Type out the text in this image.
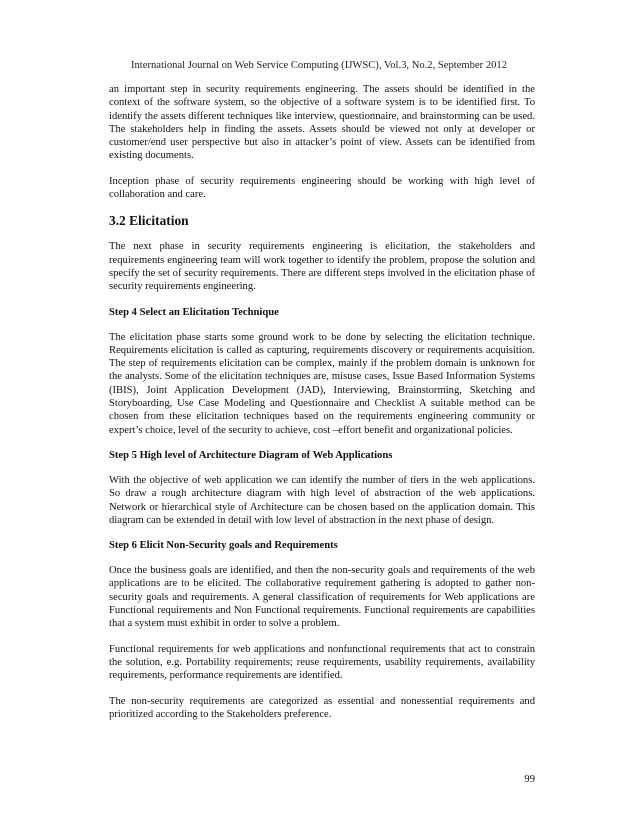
International Journal on Web Service Computing (IJWSC), Vol.3, No.2, September 2012

an important step in security requirements engineering. The assets should be identified in the context of the software system, so the objective of a software system is to be identified first. To identify the assets different techniques like interview, questionnaire, and brainstorming can be used. The stakeholders help in finding the assets. Assets should be viewed not only at developer or customer/end user perspective but also in attacker’s point of view. Assets can be identified from existing documents.

Inception phase of security requirements engineering should be working with high level of collaboration and care.

3.2 Elicitation

The next phase in security requirements engineering is elicitation, the stakeholders and requirements engineering team will work together to identify the problem, propose the solution and specify the set of security requirements. There are different steps involved in the elicitation phase of security requirements engineering.

Step 4 Select an Elicitation Technique

The elicitation phase starts some ground work to be done by selecting the elicitation technique. Requirements elicitation is called as capturing, requirements discovery or requirements acquisition. The step of requirements elicitation can be complex, mainly if the problem domain is unknown for the analysts. Some of the elicitation techniques are, misuse cases, Issue Based Information Systems (IBIS), Joint Application Development (JAD), Interviewing, Brainstorming, Sketching and Storyboarding, Use Case Modeling and Questionnaire and Checklist A suitable method can be chosen from these elicitation techniques based on the requirements engineering community or expert’s choice, level of the security to achieve, cost –effort benefit and organizational policies.

Step 5 High level of Architecture Diagram of Web Applications

With the objective of web application we can identify the number of tiers in the web applications. So draw a rough architecture diagram with high level of abstraction of the web applications. Network or hierarchical style of Architecture can be chosen based on the application domain. This diagram can be extended in detail with low level of abstraction in the next phase of design.

Step 6 Elicit Non-Security goals and Requirements

Once the business goals are identified, and then the non-security goals and requirements of the web applications are to be elicited. The collaborative requirement gathering is adopted to gather non-security goals and requirements. A general classification of requirements for Web applications are Functional requirements and Non Functional requirements. Functional requirements are capabilities that a system must exhibit in order to solve a problem.

Functional requirements for web applications and nonfunctional requirements that act to constrain the solution, e.g. Portability requirements; reuse requirements, usability requirements, availability requirements, performance requirements are identified.

The non-security requirements are categorized as essential and nonessential requirements and prioritized according to the Stakeholders preference.

99
